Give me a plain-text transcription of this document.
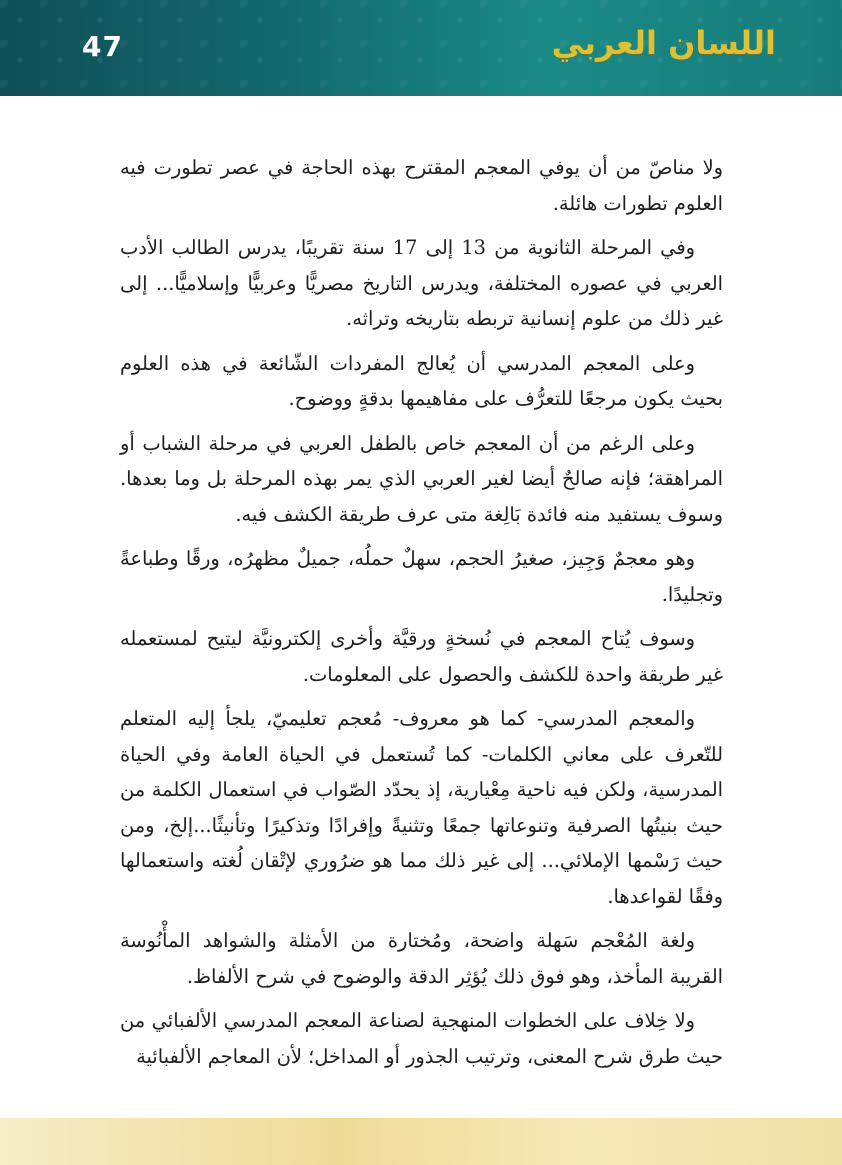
47	اللسان العربي

ولا مناصّ من أن يوفي المعجم المقترح بهذه الحاجة في عصر تطورت فيه العلوم تطورات هائلة.

وفي المرحلة الثانوية من 13 إلى 17 سنة تقريبًا، يدرس الطالب الأدب العربي في عصوره المختلفة، ويدرس التاريخ مصريًّا وعربيًّا وإسلاميًّا... إلى غير ذلك من علوم إنسانية تربطه بتاريخه وتراثه.

وعلى المعجم المدرسي أن يُعالج المفردات الشّائعة في هذه العلوم بحيث يكون مرجعًا للتعرُّف على مفاهيمها بدقةٍ ووضوح.

وعلى الرغم من أن المعجم خاص بالطفل العربي في مرحلة الشباب أو المراهقة؛ فإنه صالحٌ أيضا لغير العربي الذي يمر بهذه المرحلة بل وما بعدها. وسوف يستفيد منه فائدة بَالِغة متى عرف طريقة الكشف فيه.

وهو معجمٌ وَجِيز، صغيرُ الحجم، سهلٌ حملُه، جميلٌ مظهرُه، ورقًا وطباعةً وتجليدًا.

وسوف يُتاح المعجم في نُسخةٍ ورقيَّة وأخرى إلكترونيَّة ليتيح لمستعمله غير طريقة واحدة للكشف والحصول على المعلومات.

والمعجم المدرسي- كما هو معروف- مُعجم تعليميّ، يلجأ إليه المتعلم للتّعرف على معاني الكلمات- كما تُستعمل في الحياة العامة وفي الحياة المدرسية، ولكن فيه ناحية مِعْيارية، إذ يحدّد الصّواب في استعمال الكلمة من حيث بنيتُها الصرفية وتنوعاتها جمعًا وتثنيةً وإفرادًا وتذكيرًا وتأنيثًا...إلخ، ومن حيث رَسْمها الإملائي... إلى غير ذلك مما هو ضرُوري لإتْقان لُغته واستعمالها وفقًا لقواعدها.

ولغة المُعْجم سَهلة واضحة، ومُختارة من الأمثلة والشواهد المأْنُوسة القريبة المأخذ، وهو فوق ذلك يُؤثِر الدقة والوضوح في شرح الألفاظ.

ولا خِلاف على الخطوات المنهجية لصناعة المعجم المدرسي الألفبائي من حيث طرق شرح المعنى، وترتيب الجذور أو المداخل؛ لأن المعاجم الألفبائية
